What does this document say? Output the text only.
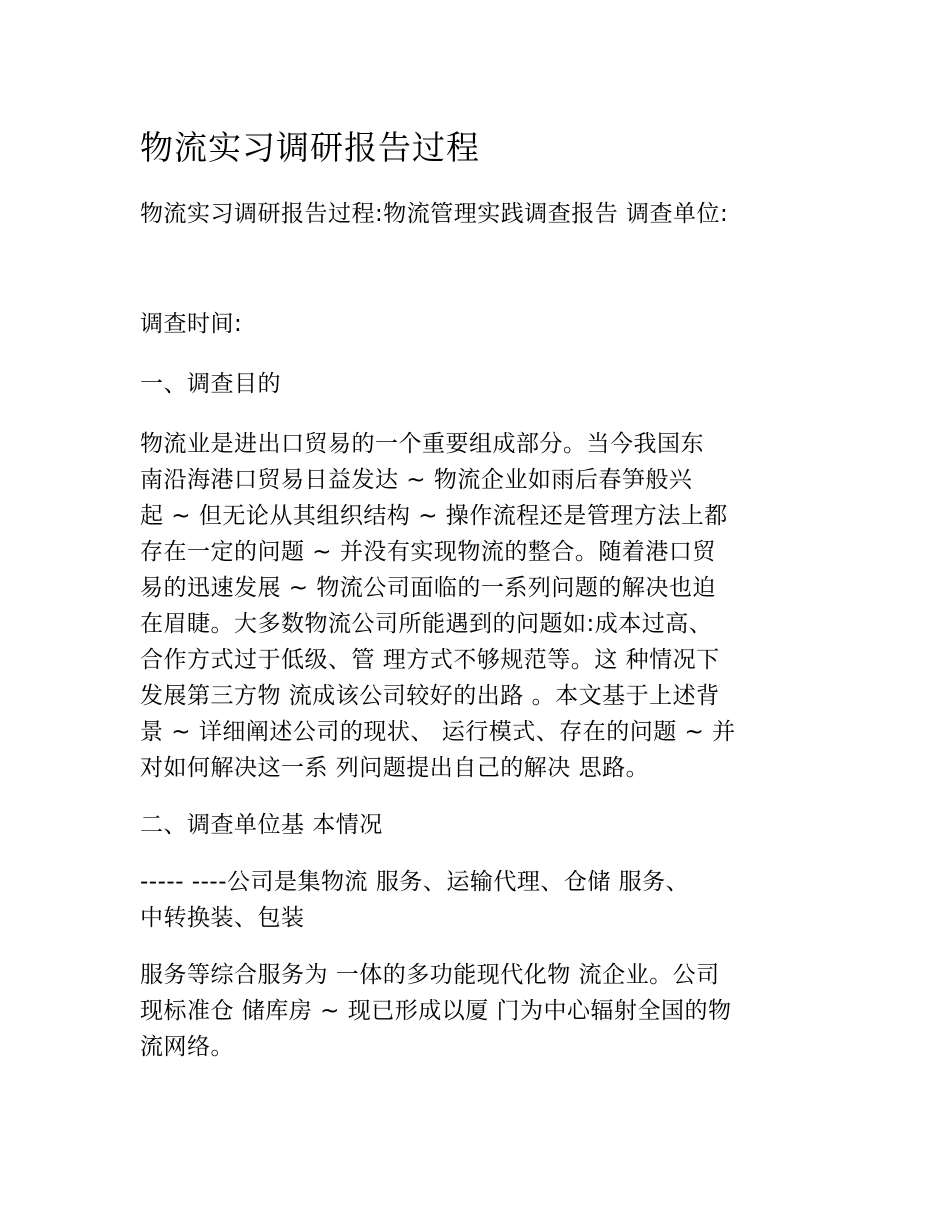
物流实习调研报告过程

物流实习调研报告过程:物流管理实践调查报告 调查单位:

调查时间:

一、调查目的

物流业是进出口贸易的一个重要组成部分。当今我国东
南沿海港口贸易日益发达 ~ 物流企业如雨后春笋般兴
起 ~ 但无论从其组织结构 ~ 操作流程还是管理方法上都
存在一定的问题 ~ 并没有实现物流的整合。随着港口贸
易的迅速发展 ~ 物流公司面临的一系列问题的解决也迫
在眉睫。大多数物流公司所能遇到的问题如:成本过高、
合作方式过于低级、管 理方式不够规范等。这 种情况下
发展第三方物 流成该公司较好的出路 。本文基于上述背
景 ~ 详细阐述公司的现状、 运行模式、存在的问题 ~ 并
对如何解决这一系 列问题提出自己的解决 思路。

二、调查单位基 本情况

----- ----公司是集物流 服务、运输代理、仓储 服务、
中转换装、包装
服务等综合服务为 一体的多功能现代化物 流企业。公司
现标准仓 储库房 ~ 现已形成以厦 门为中心辐射全国的物
流网络。
